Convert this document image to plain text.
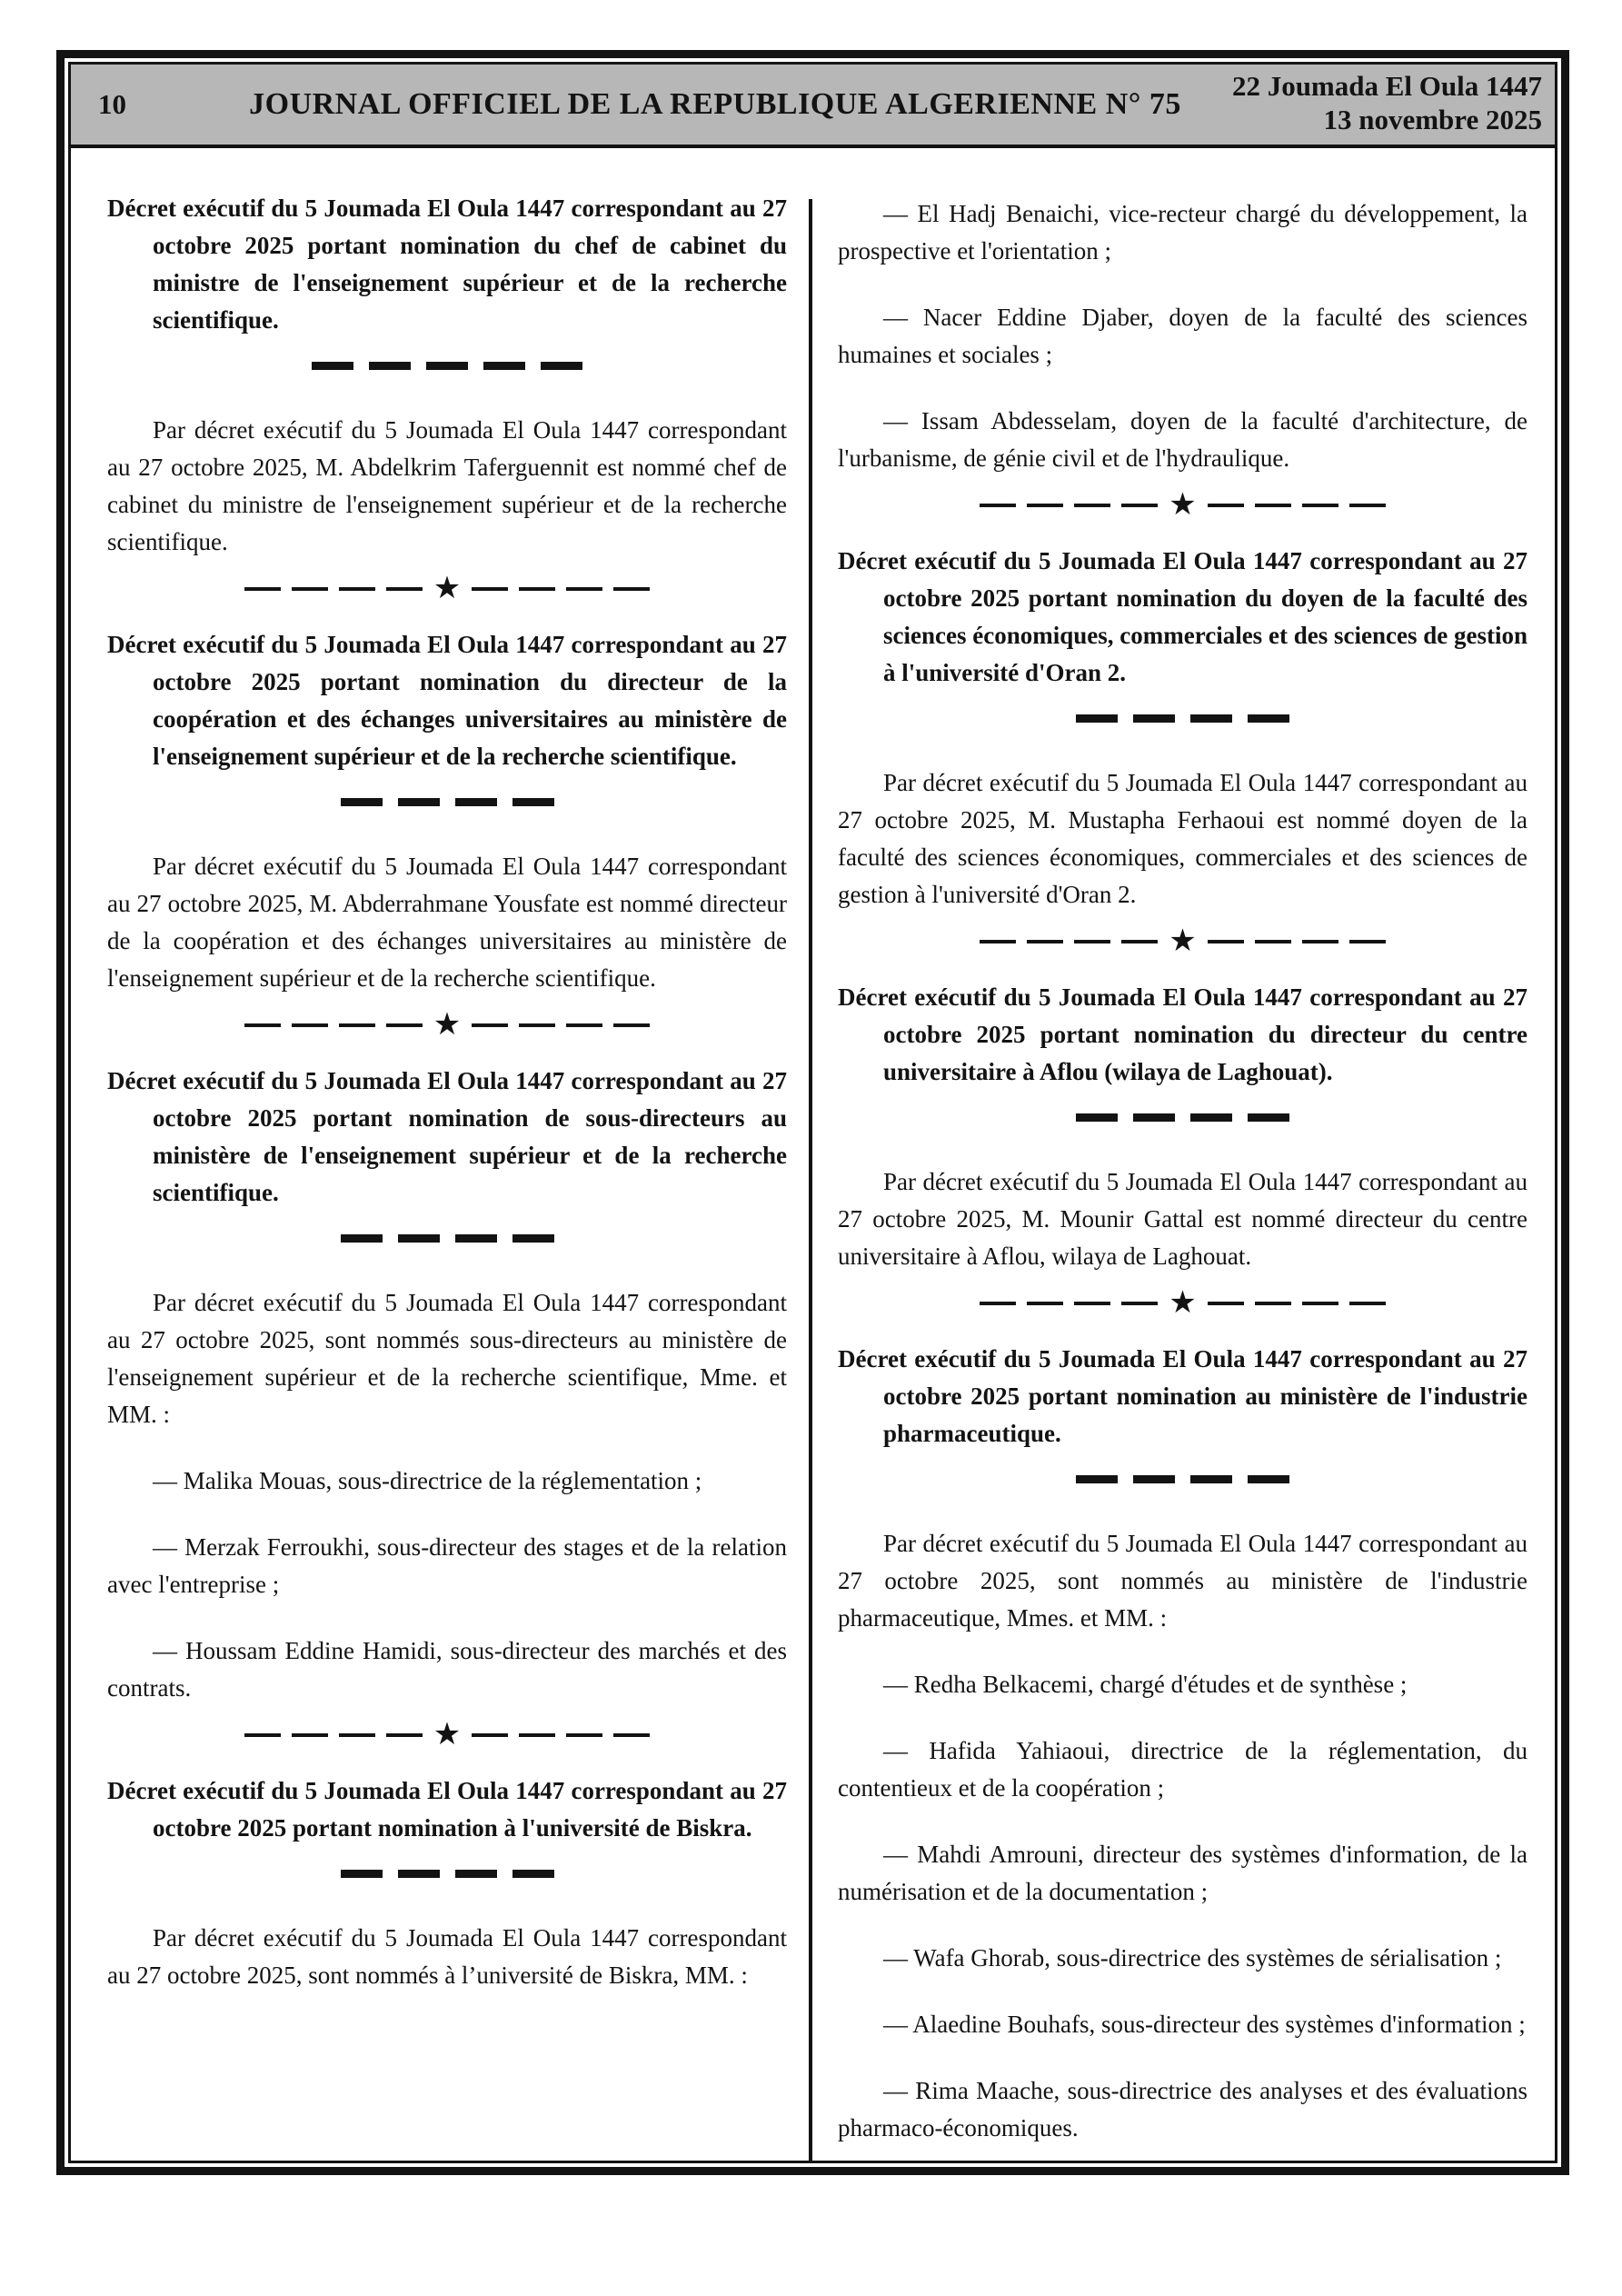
10	JOURNAL OFFICIEL DE LA REPUBLIQUE ALGERIENNE N° 75
22 Joumada El Oula 1447
13 novembre 2025

Décret exécutif du 5 Joumada El Oula 1447 correspondant au 27 octobre 2025 portant nomination du chef de cabinet du ministre de l'enseignement supérieur et de la recherche scientifique.

Par décret exécutif du 5 Joumada El Oula 1447 correspondant au 27 octobre 2025, M. Abdelkrim Taferguennit est nommé chef de cabinet du ministre de l'enseignement supérieur et de la recherche scientifique.

★

Décret exécutif du 5 Joumada El Oula 1447 correspondant au 27 octobre 2025 portant nomination du directeur de la coopération et des échanges universitaires au ministère de l'enseignement supérieur et de la recherche scientifique.

Par décret exécutif du 5 Joumada El Oula 1447 correspondant au 27 octobre 2025, M. Abderrahmane Yousfate est nommé directeur de la coopération et des échanges universitaires au ministère de l'enseignement supérieur et de la recherche scientifique.

★

Décret exécutif du 5 Joumada El Oula 1447 correspondant au 27 octobre 2025 portant nomination de sous-directeurs au ministère de l'enseignement supérieur et de la recherche scientifique.

Par décret exécutif du 5 Joumada El Oula 1447 correspondant au 27 octobre 2025, sont nommés sous-directeurs au ministère de l'enseignement supérieur et de la recherche scientifique, Mme. et MM. :

— Malika Mouas, sous-directrice de la réglementation ;

— Merzak Ferroukhi, sous-directeur des stages et de la relation avec l'entreprise ;

— Houssam Eddine Hamidi, sous-directeur des marchés et des contrats.

★

Décret exécutif du 5 Joumada El Oula 1447 correspondant au 27 octobre 2025 portant nomination à l'université de Biskra.

Par décret exécutif du 5 Joumada El Oula 1447 correspondant au 27 octobre 2025, sont nommés à l’université de Biskra, MM. :

— El Hadj Benaichi, vice-recteur chargé du développement, la prospective et l'orientation ;

— Nacer Eddine Djaber, doyen de la faculté des sciences humaines et sociales ;

— Issam Abdesselam, doyen de la faculté d'architecture, de l'urbanisme, de génie civil et de l'hydraulique.

★

Décret exécutif du 5 Joumada El Oula 1447 correspondant au 27 octobre 2025 portant nomination du doyen de la faculté des sciences économiques, commerciales et des sciences de gestion à l'université d'Oran 2.

Par décret exécutif du 5 Joumada El Oula 1447 correspondant au 27 octobre 2025, M. Mustapha Ferhaoui est nommé doyen de la faculté des sciences économiques, commerciales et des sciences de gestion à l'université d'Oran 2.

★

Décret exécutif du 5 Joumada El Oula 1447 correspondant au 27 octobre 2025 portant nomination du directeur du centre universitaire à Aflou (wilaya de Laghouat).

Par décret exécutif du 5 Joumada El Oula 1447 correspondant au 27 octobre 2025, M. Mounir Gattal est nommé directeur du centre universitaire à Aflou, wilaya de Laghouat.

★

Décret exécutif du 5 Joumada El Oula 1447 correspondant au 27 octobre 2025 portant nomination au ministère de l'industrie pharmaceutique.

Par décret exécutif du 5 Joumada El Oula 1447 correspondant au 27 octobre 2025, sont nommés au ministère de l'industrie pharmaceutique, Mmes. et MM. :

— Redha Belkacemi, chargé d'études et de synthèse ;

— Hafida Yahiaoui, directrice de la réglementation, du contentieux et de la coopération ;

— Mahdi Amrouni, directeur des systèmes d'information, de la numérisation et de la documentation ;

— Wafa Ghorab, sous-directrice des systèmes de sérialisation ;

— Alaedine Bouhafs, sous-directeur des systèmes d'information ;

— Rima Maache, sous-directrice des analyses et des évaluations pharmaco-économiques.
